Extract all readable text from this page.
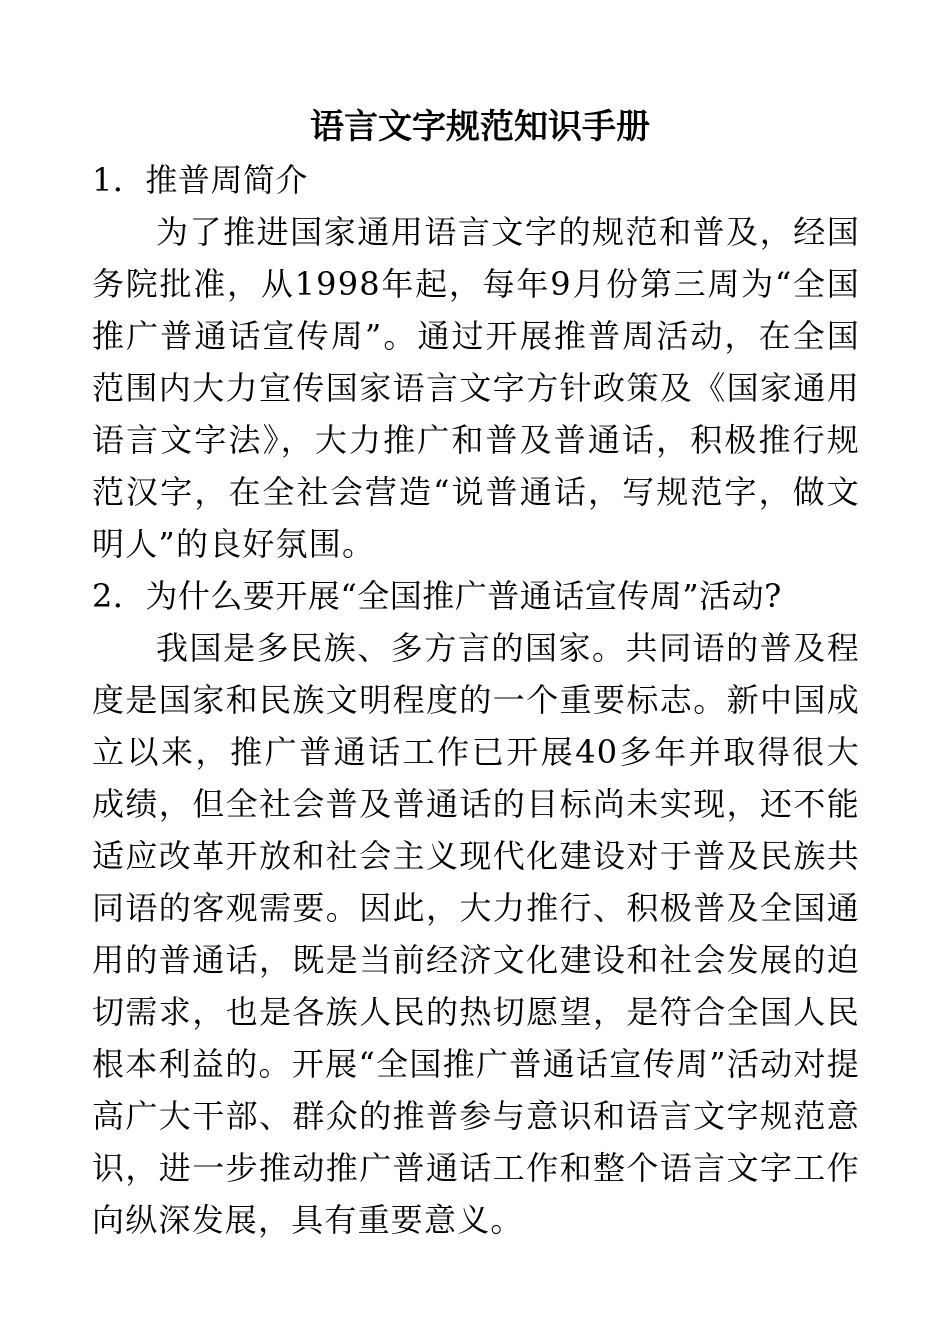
语言文字规范知识手册

1．推普周简介

为了推进国家通用语言文字的规范和普及，经国务院批准，从1998年起，每年9月份第三周为“全国推广普通话宣传周”。通过开展推普周活动，在全国范围内大力宣传国家语言文字方针政策及《国家通用语言文字法》，大力推广和普及普通话，积极推行规范汉字，在全社会营造“说普通话，写规范字，做文明人”的良好氛围。

2．为什么要开展“全国推广普通话宣传周”活动?

我国是多民族、多方言的国家。共同语的普及程度是国家和民族文明程度的一个重要标志。新中国成立以来，推广普通话工作已开展40多年并取得很大成绩，但全社会普及普通话的目标尚未实现，还不能适应改革开放和社会主义现代化建设对于普及民族共同语的客观需要。因此，大力推行、积极普及全国通用的普通话，既是当前经济文化建设和社会发展的迫切需求，也是各族人民的热切愿望，是符合全国人民根本利益的。开展“全国推广普通话宣传周”活动对提高广大干部、群众的推普参与意识和语言文字规范意识，进一步推动推广普通话工作和整个语言文字工作向纵深发展，具有重要意义。
